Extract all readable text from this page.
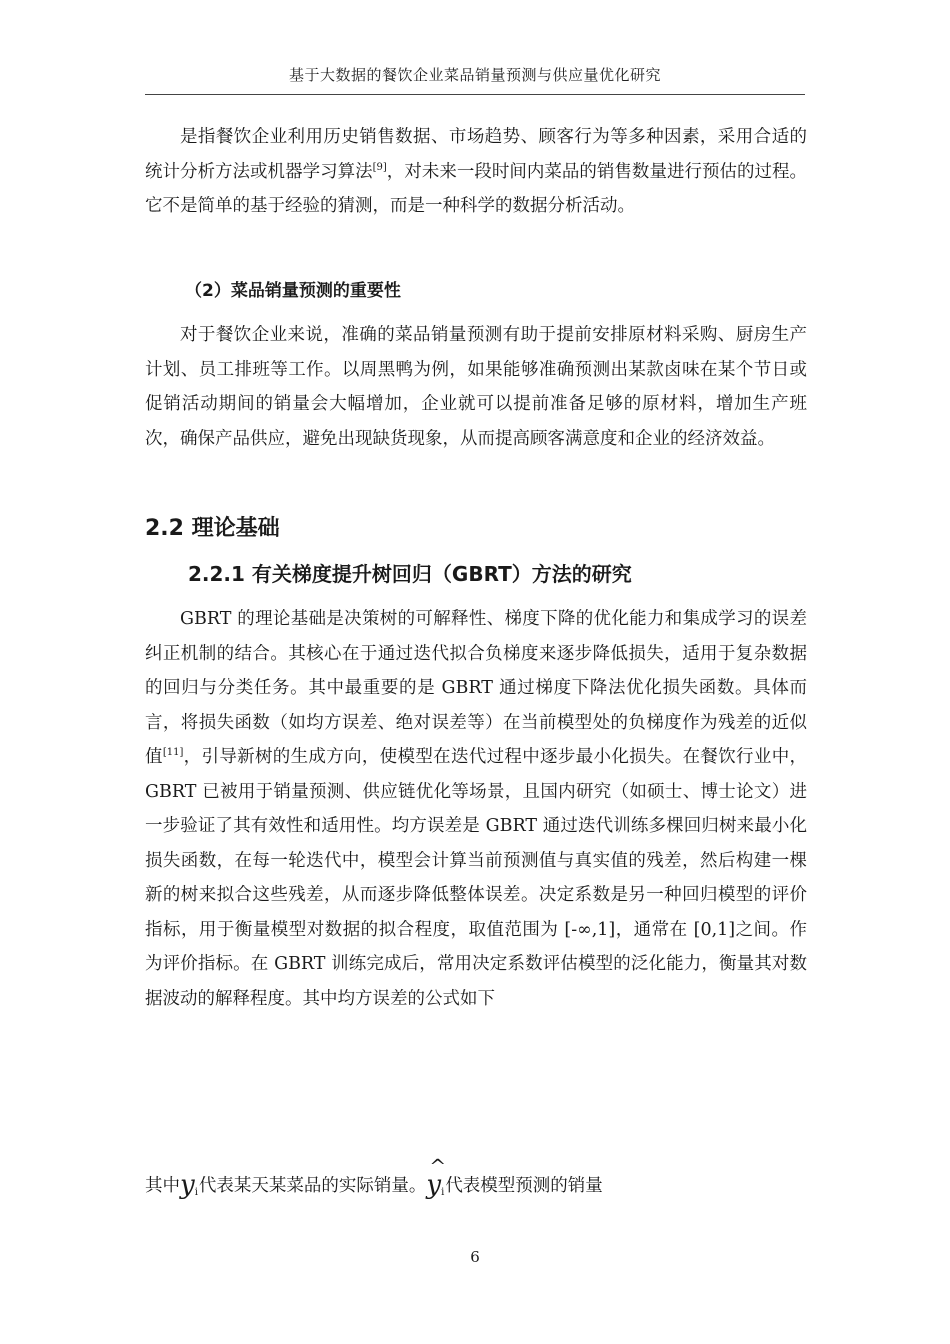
基于大数据的餐饮企业菜品销量预测与供应量优化研究

是指餐饮企业利用历史销售数据、市场趋势、顾客行为等多种因素，采用合适的统计分析方法或机器学习算法[9]，对未来一段时间内菜品的销售数量进行预估的过程。它不是简单的基于经验的猜测，而是一种科学的数据分析活动。

（2）菜品销量预测的重要性

对于餐饮企业来说，准确的菜品销量预测有助于提前安排原材料采购、厨房生产计划、员工排班等工作。以周黑鸭为例，如果能够准确预测出某款卤味在某个节日或促销活动期间的销量会大幅增加，企业就可以提前准备足够的原材料，增加生产班次，确保产品供应，避免出现缺货现象，从而提高顾客满意度和企业的经济效益。

2.2 理论基础
2.2.1 有关梯度提升树回归（GBRT）方法的研究

GBRT 的理论基础是决策树的可解释性、梯度下降的优化能力和集成学习的误差纠正机制的结合。其核心在于通过迭代拟合负梯度来逐步降低损失，适用于复杂数据的回归与分类任务。其中最重要的是 GBRT 通过梯度下降法优化损失函数。具体而言，将损失函数（如均方误差、绝对误差等）在当前模型处的负梯度作为残差的近似值[11]，引导新树的生成方向，使模型在迭代过程中逐步最小化损失。在餐饮行业中，GBRT 已被用于销量预测、供应链优化等场景，且国内研究（如硕士、博士论文）进一步验证了其有效性和适用性。均方误差是 GBRT 通过迭代训练多棵回归树来最小化损失函数，在每一轮迭代中，模型会计算当前预测值与真实值的残差，然后构建一棵新的树来拟合这些残差，从而逐步降低整体误差。决定系数是另一种回归模型的评价指标，用于衡量模型对数据的拟合程度，取值范围为 [-∞,1]，通常在 [0,1]之间。作为评价指标。在 GBRT 训练完成后，常用决定系数评估模型的泛化能力，衡量其对数据波动的解释程度。其中均方误差的公式如下

其中$y_i$代表某天某菜品的实际销量。
^
$y_i$代表模型预测的销量
6
